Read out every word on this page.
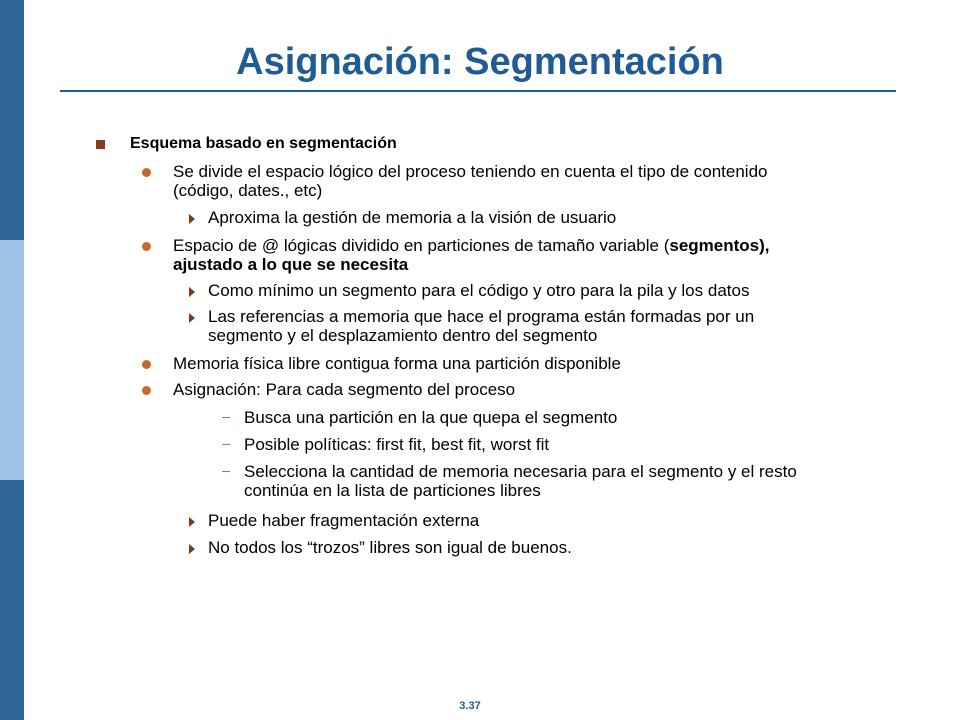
Asignación: Segmentación
Esquema basado en segmentación
Se divide el espacio lógico del proceso teniendo en cuenta el tipo de contenido
(código, dates., etc)
Aproxima la gestión de memoria a la visión de usuario
Espacio de @ lógicas dividido en particiones de tamaño variable (segmentos),
ajustado a lo que se necesita
Como mínimo un segmento para el código y otro para la pila y los datos
Las referencias a memoria que hace el programa están formadas por un
segmento y el desplazamiento dentro del segmento
Memoria física libre contigua forma una partición disponible
Asignación: Para cada segmento del proceso
Busca una partición en la que quepa el segmento
Posible políticas: first fit, best fit, worst fit
Selecciona la cantidad de memoria necesaria para el segmento y el resto
continúa en la lista de particiones libres
Puede haber fragmentación externa
No todos los “trozos” libres son igual de buenos.
3.37
